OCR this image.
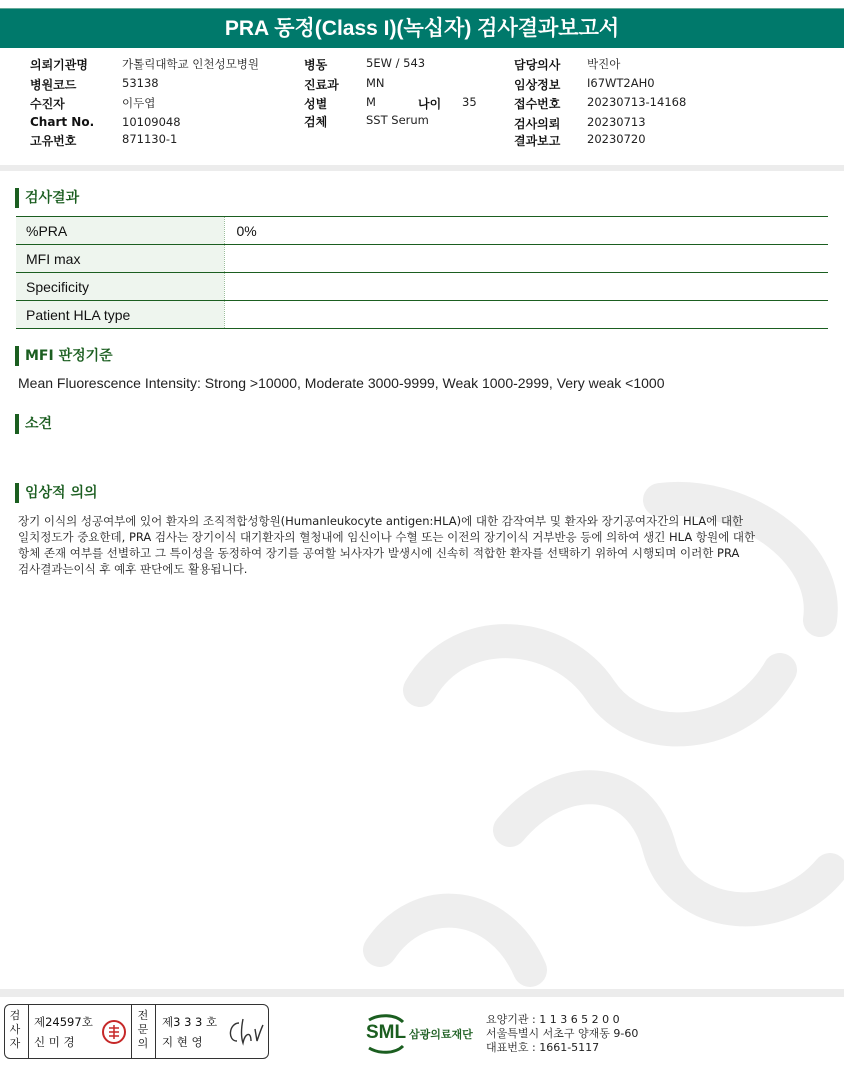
PRA 동정(Class I)(녹십자) 검사결과보고서
의뢰기관명	가톨릭대학교 인천성모병원
병원코드	53138
수진자	이두엽
Chart No. 10109048
고유번호	871130-1
병동	5EW / 543
진료과 MN
성별	M	나이 35
검체	SST Serum
담당의사 박진아
임상정보 I67WT2AH0
접수번호 20230713-14168
검사의뢰 20230713
결과보고 20230720
검사결과
%PRA	0%
MFI max	
Specificity	
Patient HLA type	
MFI 판정기준
Mean Fluorescence Intensity: Strong >10000, Moderate 3000-9999, Weak 1000-2999, Very weak <1000
소견
임상적 의의
장기 이식의 성공여부에 있어 환자의 조직적합성항원(Humanleukocyte antigen:HLA)에 대한 감작여부 및 환자와 장기공여자간의 HLA에 대한
일치정도가 중요한데, PRA 검사는 장기이식 대기환자의 혈청내에 임신이나 수혈 또는 이전의 장기이식 거부반응 등에 의하여 생긴 HLA 항원에 대한
항체 존재 여부를 선별하고 그 특이성을 동정하여 장기를 공여할 뇌사자가 발생시에 신속히 적합한 환자를 선택하기 위하여 시행되며 이러한 PRA
검사결과는이식 후 예후 판단에도 활용됩니다.
검
사
자
제24597호
신 미 경
전
문
의
제3 3 3 호
지 현 영	SML 삼광의료재단
요양기관 : 1 1 3 6 5 2 0 0
서울특별시 서초구 양재동 9-60
대표번호 : 1661-5117
